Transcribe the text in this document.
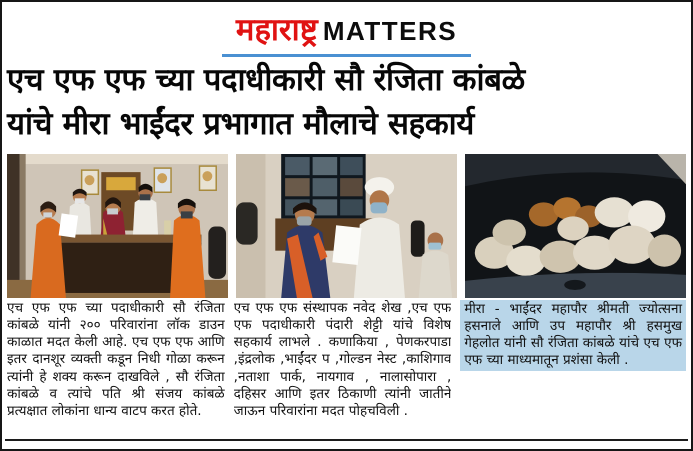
महाराष्ट्र MATTERS
एच एफ एफ च्या पदाधीकारी सौ रंजिता कांबळे
यांचे मीरा भाईंदर प्रभागात मौलाचे सहकार्य

एच एफ एफ च्या पदाधीकारी सौ रंजिता कांबळे यांनी २०० परिवारांना लॉक डाउन काळात मदत केली आहे. एच एफ एफ आणि इतर दानशूर व्यक्ती कडून निधी गोळा करून त्यांनी हे शक्य करून दाखविले , सौ रंजिता कांबळे व त्यांचे पति श्री संजय कांबळे प्रत्यक्षात लोकांना धान्य वाटप करत होते.

एच एफ एफ संस्थापक नवेद शेख ,एच एफ एफ पदाधीकारी पंदारी शेट्टी यांचे विशेष सहकार्य लाभले . कणाकिया , पेणकरपाडा ,इंद्रलोक ,भाईंदर प ,गोल्डन नेस्ट ,काशिगाव ,नताशा पार्क, नायगाव , नालासोपारा , दहिसर आणि इतर ठिकाणी त्यांनी जातीने जाऊन परिवारांना मदत पोहचविली .

मीरा - भाईंदर महापौर श्रीमती ज्योत्सना हसनाले आणि उप महापौर श्री हसमुख गेहलोत यांनी सौ रंजिता कांबळे यांचे एच एफ एफ च्या माध्यमातून प्रशंसा केली .
